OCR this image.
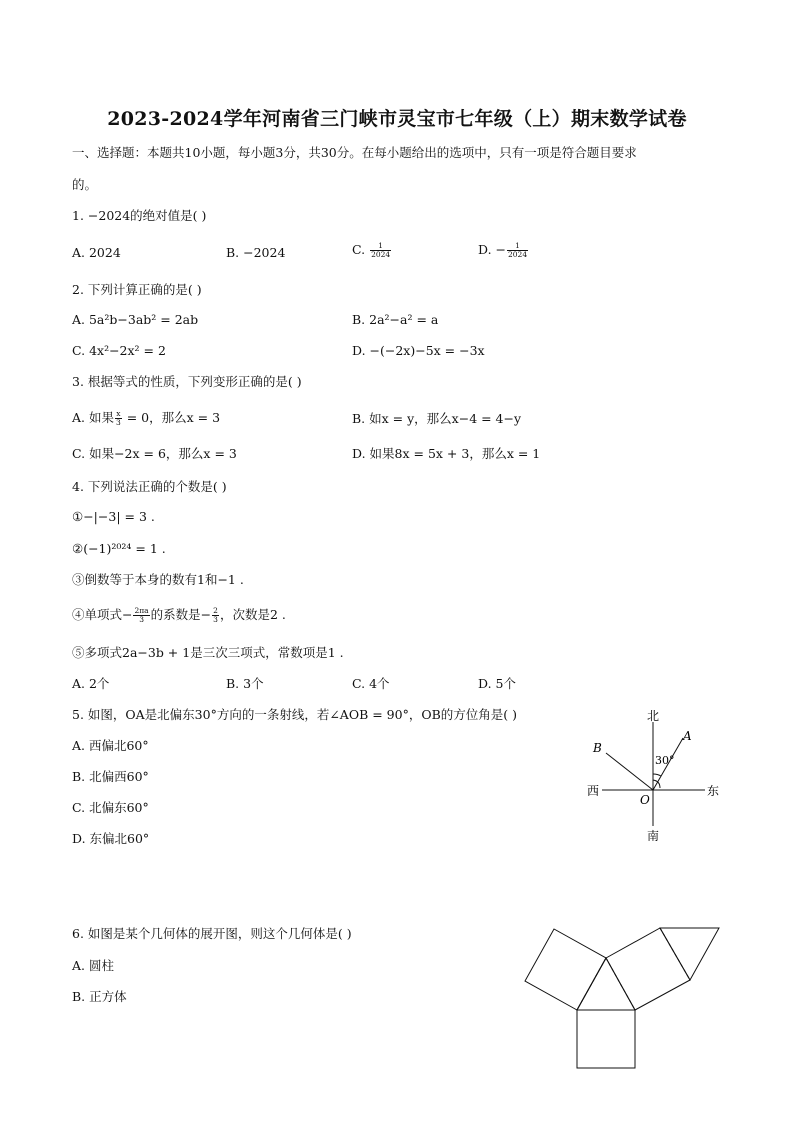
2023-2024学年河南省三门峡市灵宝市七年级（上）期末数学试卷
一、选择题：本题共10小题，每小题3分，共30分。在每小题给出的选项中，只有一项是符合题目要求
的。
1. −2024的绝对值是( )
A. 2024	B. −2024	C. $\frac{1}{2024}$	D. − $\frac{1}{2024}$
2. 下列计算正确的是( )
A. 5a²b−3ab² = 2ab	B. 2a²−a² = a
C. 4x²−2x² = 2	D. −(−2x)−5x = −3x
3. 根据等式的性质，下列变形正确的是( )
A. 如果 $\frac{x}{3} = 0$，那么x = 3	B. 如x = y，那么x−4 = 4−y
C. 如果−2x = 6，那么x = 3	D. 如果8x = 5x + 3，那么x = 1
4. 下列说法正确的个数是( )
①−|−3| = 3 .
②(−1)²⁰²⁴ = 1 .
③倒数等于本身的数有1和−1 .
④单项式− $\frac{2\pi a}{3}$ 的系数是− $\frac{2}{3}$ ，次数是2 .
⑤多项式2a−3b + 1是三次三项式，常数项是1 .
A. 2个	B. 3个	C. 4个	D. 5个
5. 如图，OA是北偏东30°方向的一条射线，若∠AOB = 90°，OB的方位角是( )
A. 西偏北60°
B. 北偏西60°
C. 北偏东60°
D. 东偏北60°
北
南
东
西
A
B
O
30°
6. 如图是某个几何体的展开图，则这个几何体是( )
A. 圆柱
B. 正方体
